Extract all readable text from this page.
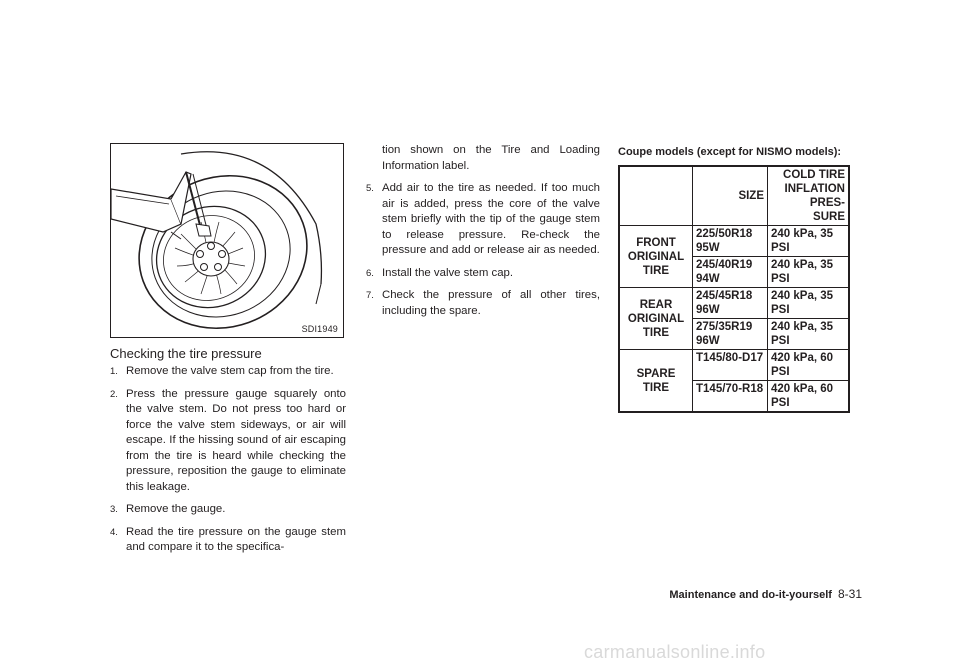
SDI1949
Checking the tire pressure
1. Remove the valve stem cap from the tire.
2. Press the pressure gauge squarely onto the valve stem. Do not press too hard or force the valve stem sideways, or air will escape. If the hissing sound of air escaping from the tire is heard while checking the pressure, reposition the gauge to eliminate this leakage.
3. Remove the gauge.
4. Read the tire pressure on the gauge stem and compare it to the specifica-
tion shown on the Tire and Loading Information label.
5. Add air to the tire as needed. If too much air is added, press the core of the valve stem briefly with the tip of the gauge stem to release pressure. Re-check the pressure and add or release air as needed.
6. Install the valve stem cap.
7. Check the pressure of all other tires, including the spare.
Coupe models (except for NISMO models):
	SIZE	COLD TIRE
INFLATION
PRES-
SURE
FRONT ORIGINAL TIRE	225/50R18 95W	240 kPa, 35 PSI
	245/40R19 94W	240 kPa, 35 PSI
REAR ORIGINAL TIRE	245/45R18 96W	240 kPa, 35 PSI
	275/35R19 96W	240 kPa, 35 PSI
SPARE TIRE	T145/80-D17	420 kPa, 60 PSI
	T145/70-R18	420 kPa, 60 PSI
Maintenance and do-it-yourself 8-31
carmanualsonline.info
